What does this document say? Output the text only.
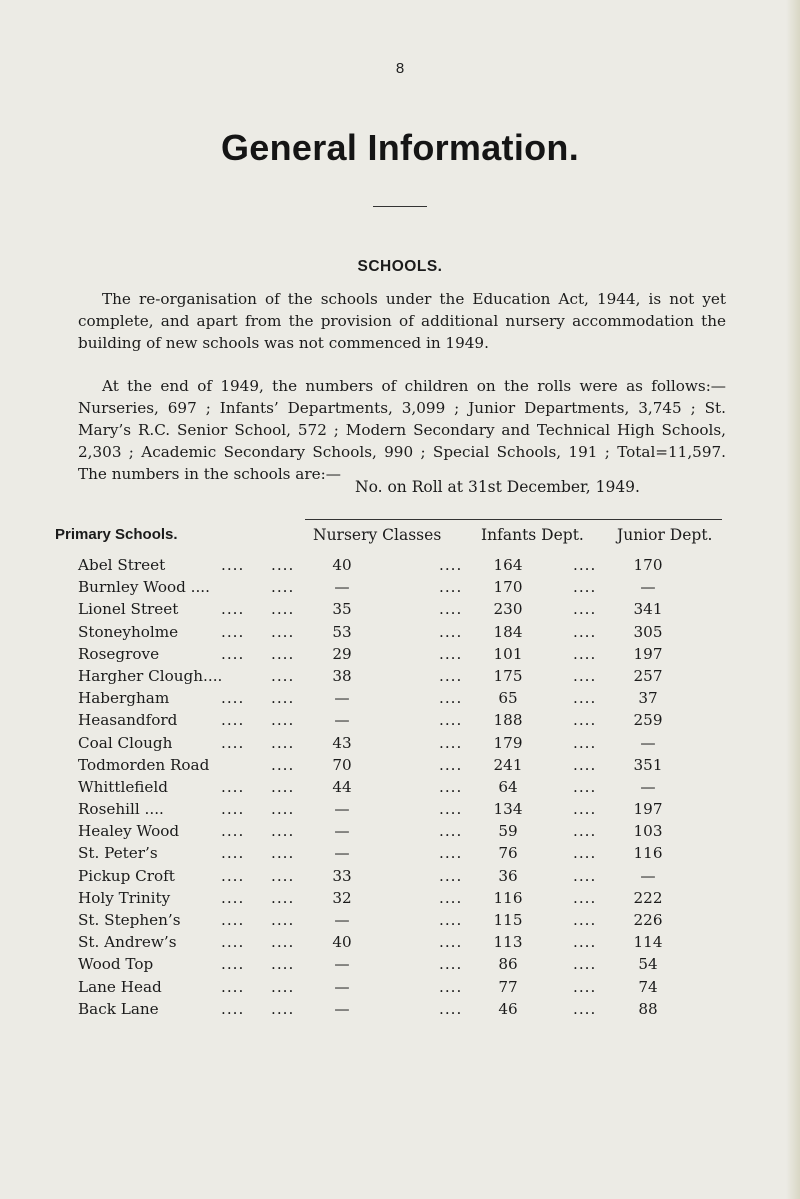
8
General Information.
SCHOOLS.

The re-organisation of the schools under the Education Act, 1944, is not yet complete, and apart from the provision of additional nursery accommodation the building of new schools was not commenced in 1949.

At the end of 1949, the numbers of children on the rolls were as follows:— Nurseries, 697 ; Infants’ Departments, 3,099 ; Junior Departments, 3,745 ; St. Mary’s R.C. Senior School, 572 ; Modern Secondary and Technical High Schools, 2,303 ; Academic Secondary Schools, 990 ; Special Schools, 191 ; Total=11,597. The numbers in the schools are:—

No. on Roll at 31st December, 1949.
Primary Schools.	Nursery Classes	Infants Dept. Junior Dept.
Abel Street	.... ....	40	....	164	....	170
Burnley Wood ....	....	—	....	170	....	—
Lionel Street	.... ....	35	....	230	....	341
Stoneyholme	.... ....	53	....	184	....	305
Rosegrove	.... ....	29	....	101	....	197
Hargher Clough....	....	38	....	175	....	257
Habergham	.... ....	—	....	65	....	37
Heasandford	.... ....	—	....	188	....	259
Coal Clough	.... ....	43	....	179	....	—
Todmorden Road	....	70	....	241	....	351
Whittlefield	.... ....	44	....	64	....	—
Rosehill ....	.... ....	—	....	134	....	197
Healey Wood	.... ....	—	....	59	....	103
St. Peter’s	.... ....	—	....	76	....	116
Pickup Croft	.... ....	33	....	36	....	—
Holy Trinity	.... ....	32	....	116	....	222
St. Stephen’s	.... ....	—	....	115	....	226
St. Andrew’s	.... ....	40	....	113	....	114
Wood Top	.... ....	—	....	86	....	54
Lane Head	.... ....	—	....	77	....	74
Back Lane	.... ....	—	....	46	....	88
